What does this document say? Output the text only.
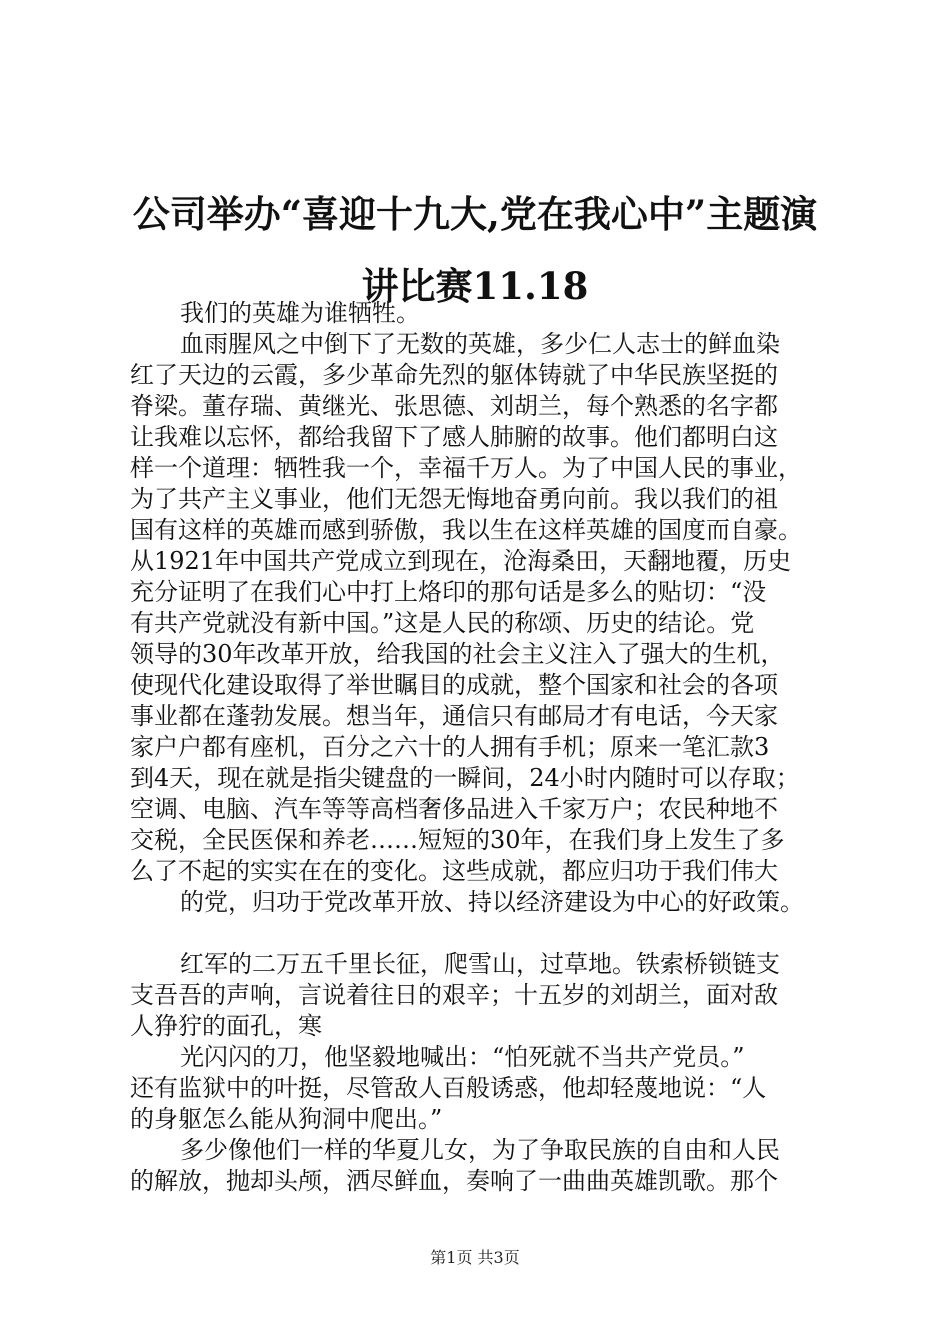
公司举办“喜迎十九大,党在我心中”主题演
讲比赛11.18
我们的英雄为谁牺牲。
血雨腥风之中倒下了无数的英雄，多少仁人志士的鲜血染
红了天边的云霞，多少革命先烈的躯体铸就了中华民族坚挺的
脊梁。董存瑞、黄继光、张思德、刘胡兰，每个熟悉的名字都
让我难以忘怀，都给我留下了感人肺腑的故事。他们都明白这
样一个道理：牺牲我一个，幸福千万人。为了中国人民的事业，
为了共产主义事业，他们无怨无悔地奋勇向前。我以我们的祖
国有这样的英雄而感到骄傲，我以生在这样英雄的国度而自豪。
从1921年中国共产党成立到现在，沧海桑田，天翻地覆，历史
充分证明了在我们心中打上烙印的那句话是多么的贴切：“没
有共产党就没有新中国。”这是人民的称颂、历史的结论。党
领导的30年改革开放，给我国的社会主义注入了强大的生机，
使现代化建设取得了举世瞩目的成就，整个国家和社会的各项
事业都在蓬勃发展。想当年，通信只有邮局才有电话，今天家
家户户都有座机，百分之六十的人拥有手机；原来一笔汇款3
到4天，现在就是指尖键盘的一瞬间，24小时内随时可以存取；
空调、电脑、汽车等等高档奢侈品进入千家万户；农民种地不
交税，全民医保和养老……短短的30年，在我们身上发生了多
么了不起的实实在在的变化。这些成就，都应归功于我们伟大
的党，归功于党改革开放、持以经济建设为中心的好政策。
红军的二万五千里长征，爬雪山，过草地。铁索桥锁链支
支吾吾的声响，言说着往日的艰辛；十五岁的刘胡兰，面对敌
人狰狞的面孔，寒
光闪闪的刀，他坚毅地喊出：“怕死就不当共产党员。”
还有监狱中的叶挺，尽管敌人百般诱惑，他却轻蔑地说：“人
的身躯怎么能从狗洞中爬出。”
多少像他们一样的华夏儿女，为了争取民族的自由和人民
的解放，抛却头颅，洒尽鲜血，奏响了一曲曲英雄凯歌。那个
第1页 共3页
